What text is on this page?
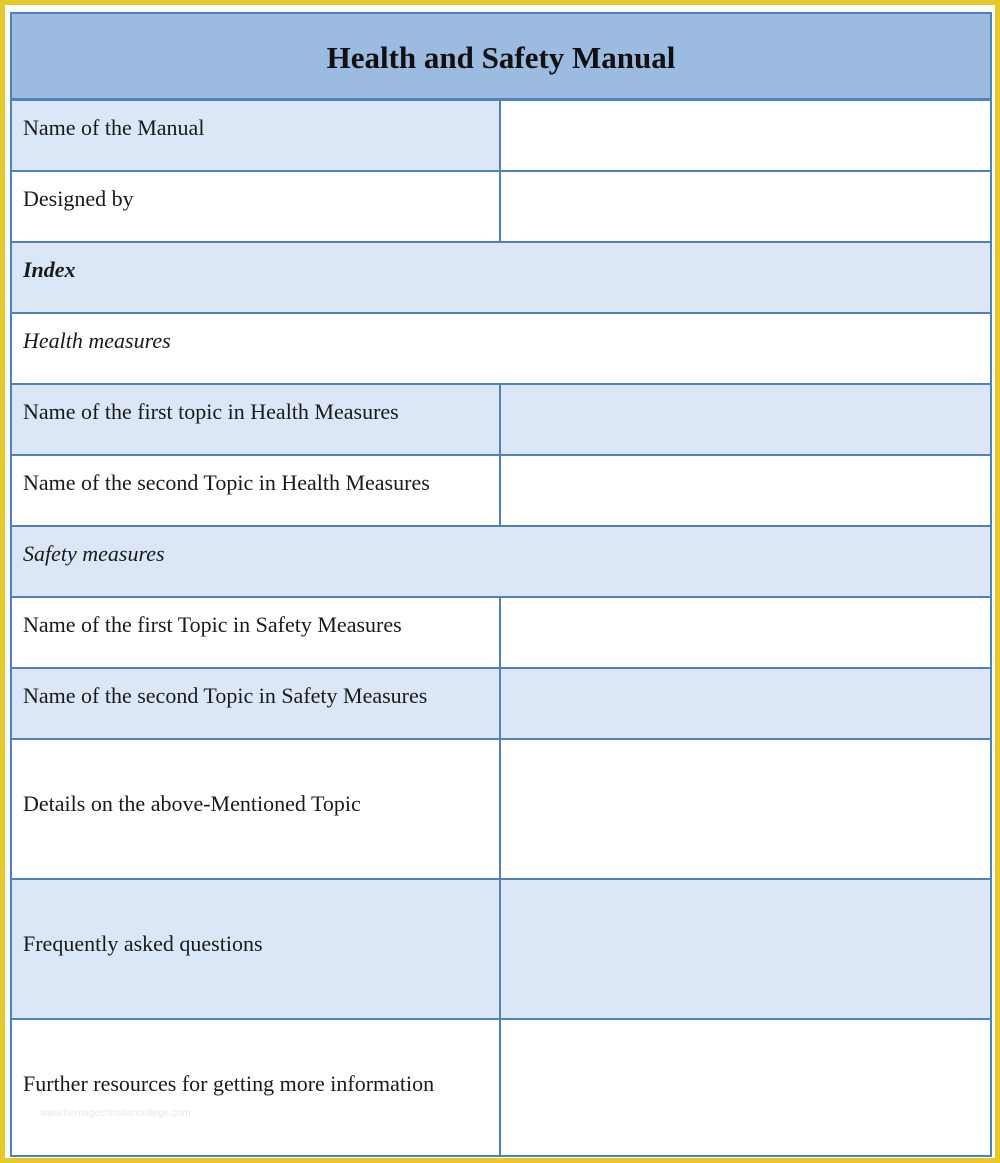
Health and Safety Manual
Name of the Manual
Designed by
Index
Health measures
Name of the first topic in Health Measures
Name of the second Topic in Health Measures
Safety measures
Name of the first Topic in Safety Measures
Name of the second Topic in Safety Measures
Details on the above-Mentioned Topic
Frequently asked questions
Further resources for getting more information
www.heritagechristiancollege.com
